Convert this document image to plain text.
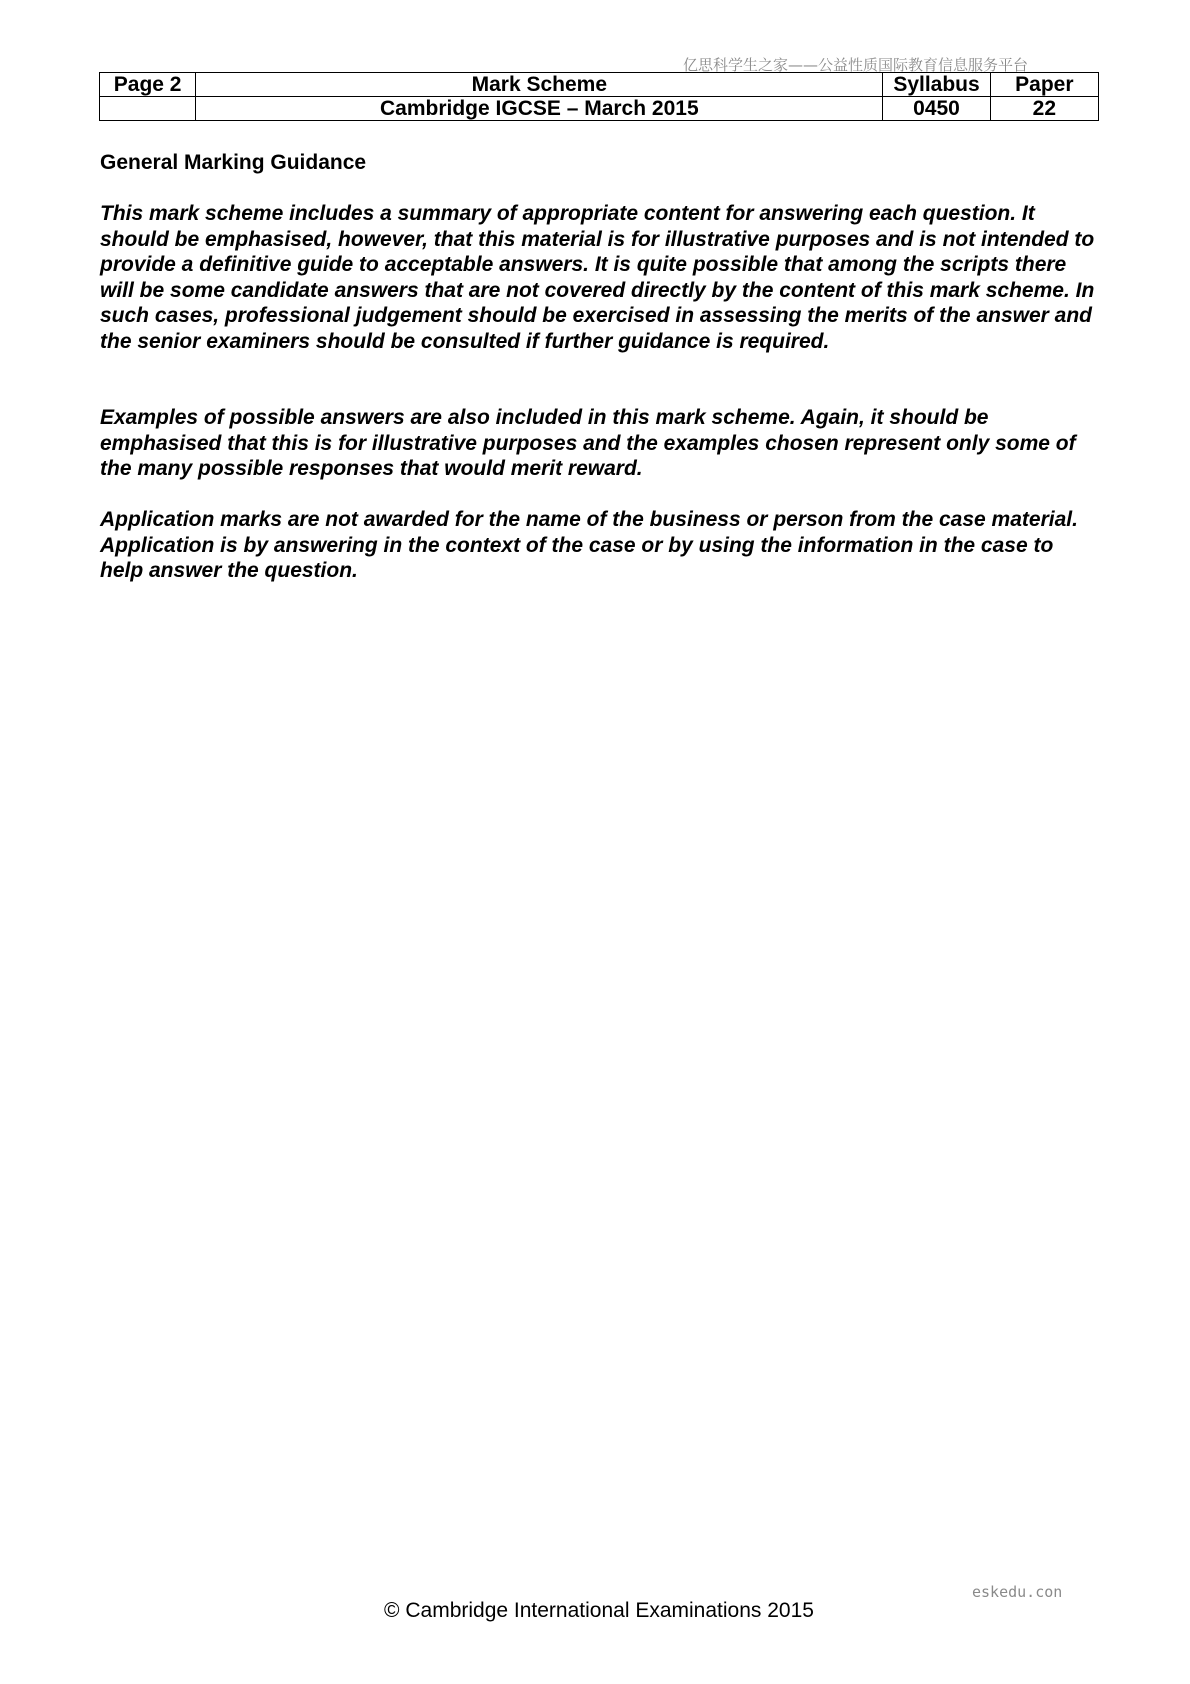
亿思科学生之家——公益性质国际教育信息服务平台
Page 2	Mark Scheme	Syllabus	Paper
	Cambridge IGCSE – March 2015	0450	22
General Marking Guidance

This mark scheme includes a summary of appropriate content for answering each question. It should be emphasised, however, that this material is for illustrative purposes and is not intended to provide a definitive guide to acceptable answers. It is quite possible that among the scripts there will be some candidate answers that are not covered directly by the content of this mark scheme. In such cases, professional judgement should be exercised in assessing the merits of the answer and the senior examiners should be consulted if further guidance is required.

Examples of possible answers are also included in this mark scheme. Again, it should be emphasised that this is for illustrative purposes and the examples chosen represent only some of the many possible responses that would merit reward.

Application marks are not awarded for the name of the business or person from the case material. Application is by answering in the context of the case or by using the information in the case to help answer the question.

eskedu.con
© Cambridge International Examinations 2015
